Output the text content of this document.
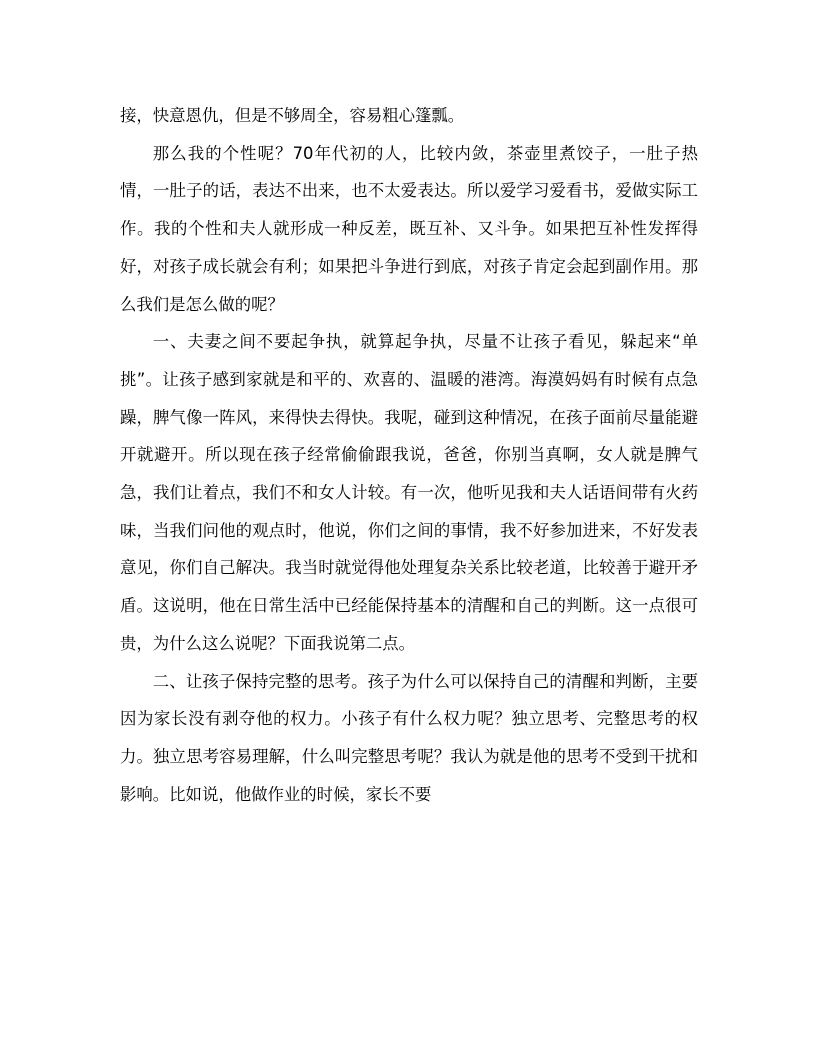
接，快意恩仇，但是不够周全，容易粗心篷瓢。

那么我的个性呢？70年代初的人，比较内敛，茶壶里煮饺子，一肚子热情，一肚子的话，表达不出来，也不太爱表达。所以爱学习爱看书，爱做实际工作。我的个性和夫人就形成一种反差，既互补、又斗争。如果把互补性发挥得好，对孩子成长就会有利；如果把斗争进行到底，对孩子肯定会起到副作用。那么我们是怎么做的呢？

一、夫妻之间不要起争执，就算起争执，尽量不让孩子看见，躲起来“单挑”。让孩子感到家就是和平的、欢喜的、温暖的港湾。海漠妈妈有时候有点急躁，脾气像一阵风，来得快去得快。我呢，碰到这种情况，在孩子面前尽量能避开就避开。所以现在孩子经常偷偷跟我说，爸爸，你别当真啊，女人就是脾气急，我们让着点，我们不和女人计较。有一次，他听见我和夫人话语间带有火药味，当我们问他的观点时，他说，你们之间的事情，我不好参加进来，不好发表意见，你们自己解决。我当时就觉得他处理复杂关系比较老道，比较善于避开矛盾。这说明，他在日常生活中已经能保持基本的清醒和自己的判断。这一点很可贵，为什么这么说呢？下面我说第二点。

二、让孩子保持完整的思考。孩子为什么可以保持自己的清醒和判断，主要因为家长没有剥夺他的权力。小孩子有什么权力呢？独立思考、完整思考的权力。独立思考容易理解，什么叫完整思考呢？我认为就是他的思考不受到干扰和影响。比如说，他做作业的时候，家长不要
